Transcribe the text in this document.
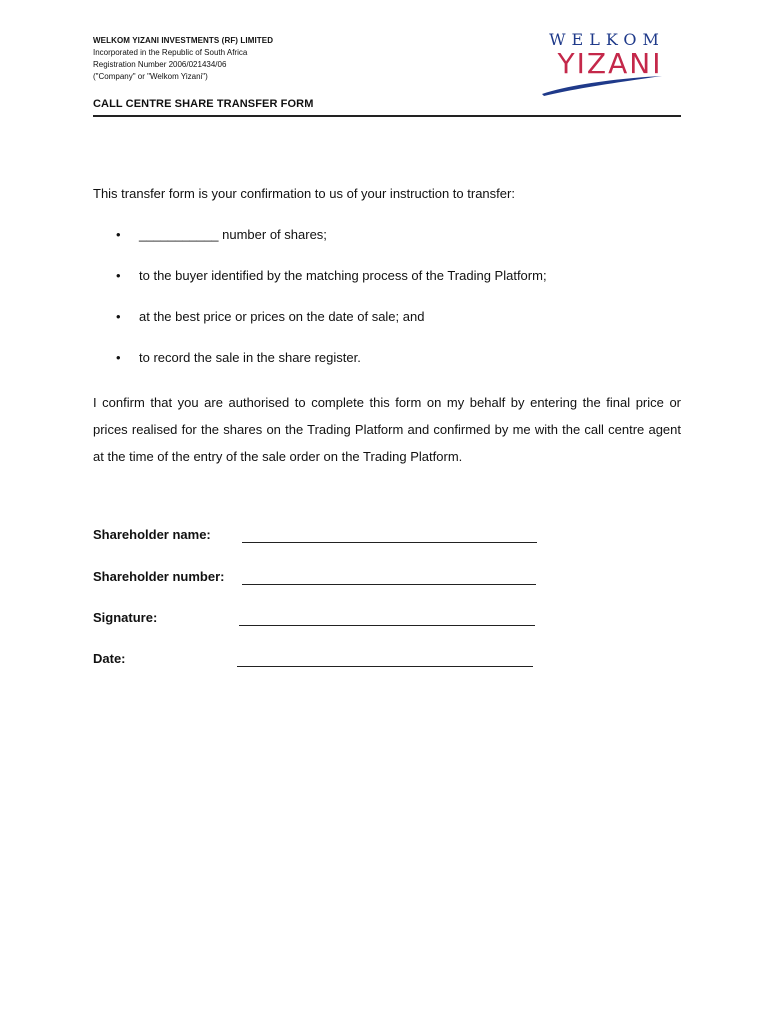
WELKOM YIZANI INVESTMENTS (RF) LIMITED
Incorporated in the Republic of South Africa
Registration Number 2006/021434/06
("Company" or "Welkom Yizani")
WELKOM
YIZANI
CALL CENTRE SHARE TRANSFER FORM
This transfer form is your confirmation to us of your instruction to transfer:
• ___________ number of shares;
• to the buyer identified by the matching process of the Trading Platform;
• at the best price or prices on the date of sale; and
• to record the sale in the share register.
I confirm that you are authorised to complete this form on my behalf by entering the final price or prices realised for the shares on the Trading Platform and confirmed by me with the call centre agent at the time of the entry of the sale order on the Trading Platform.
Shareholder name:
Shareholder number:
Signature:
Date:
